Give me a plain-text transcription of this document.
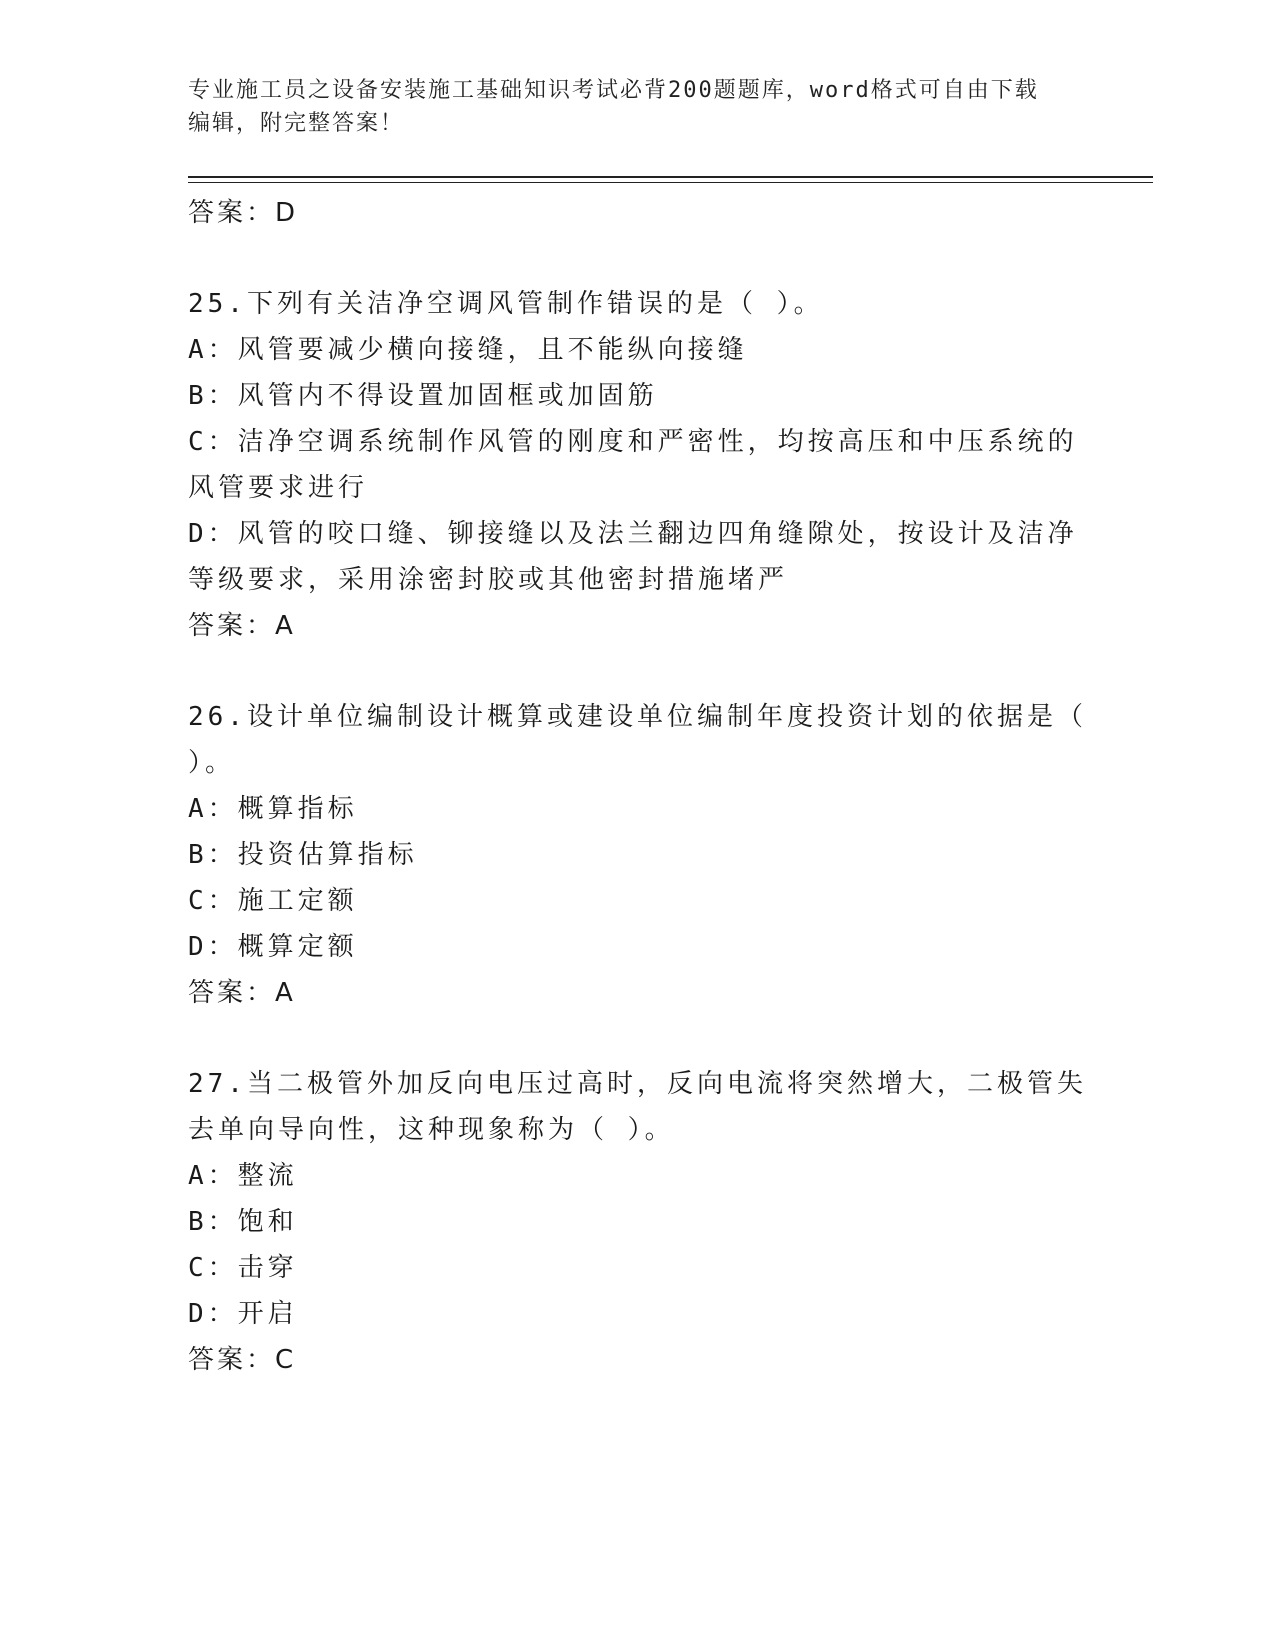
专业施工员之设备安装施工基础知识考试必背200题题库，word格式可自由下载
编辑，附完整答案！

答案：D

25.下列有关洁净空调风管制作错误的是（ ）。

A： 风管要减少横向接缝，且不能纵向接缝
B： 风管内不得设置加固框或加固筋

C：洁净空调系统制作风管的刚度和严密性，均按高压和中压系统的风管要求进行

D：风管的咬口缝、铆接缝以及法兰翻边四角缝隙处，按设计及洁净等级要求，采用涂密封胶或其他密封措施堵严

答案：A

26.设计单位编制设计概算或建设单位编制年度投资计划的依据是（ ）。

A： 概算指标
B： 投资估算指标
C： 施工定额
D： 概算定额

答案：A

27.当二极管外加反向电压过高时，反向电流将突然增大，二极管失去单向导向性，这种现象称为（ ）。

A： 整流
B： 饱和
C： 击穿
D： 开启

答案：C
